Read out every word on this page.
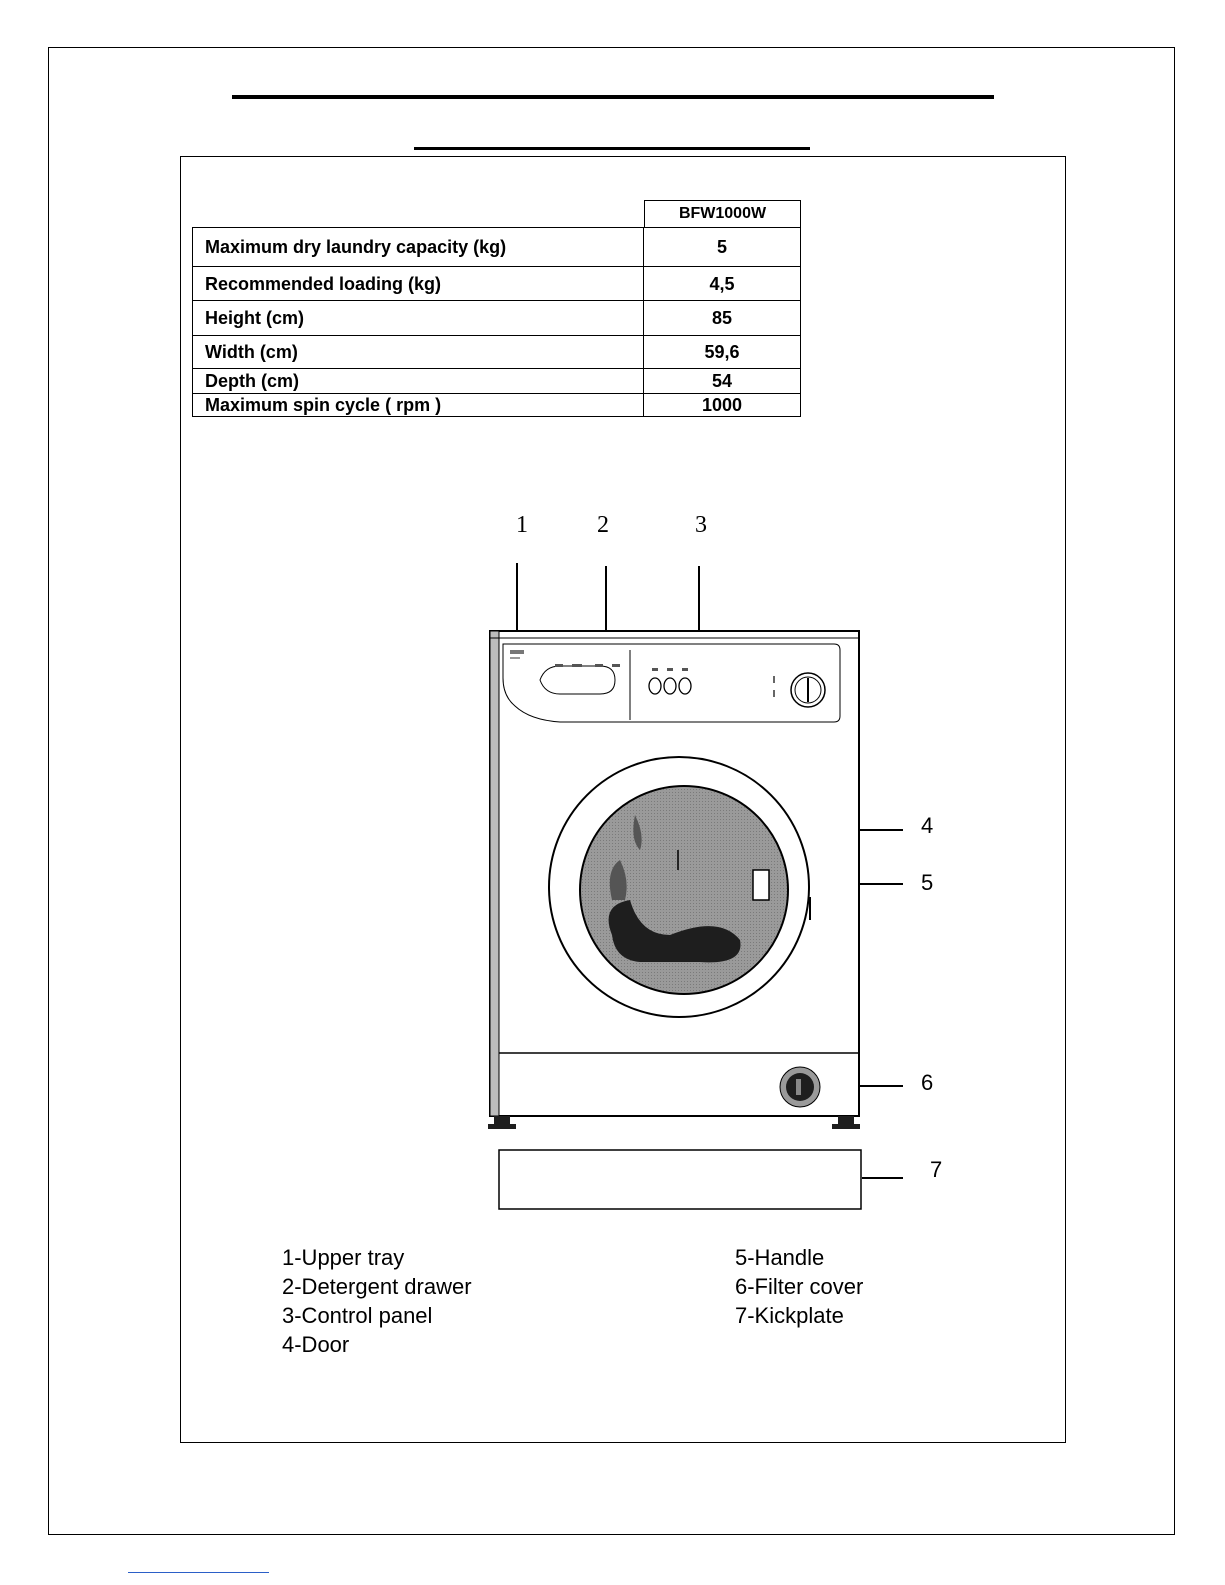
BFW1000W
Maximum dry laundry capacity (kg)	5
Recommended loading (kg)	4,5
Height (cm)	85
Width (cm)	59,6
Depth (cm)	54
Maximum spin cycle ( rpm )	1000
1	2	3
4
5
6
7
1-Upper tray
2-Detergent drawer
3-Control panel
4-Door
5-Handle
6-Filter cover
7-Kickplate
